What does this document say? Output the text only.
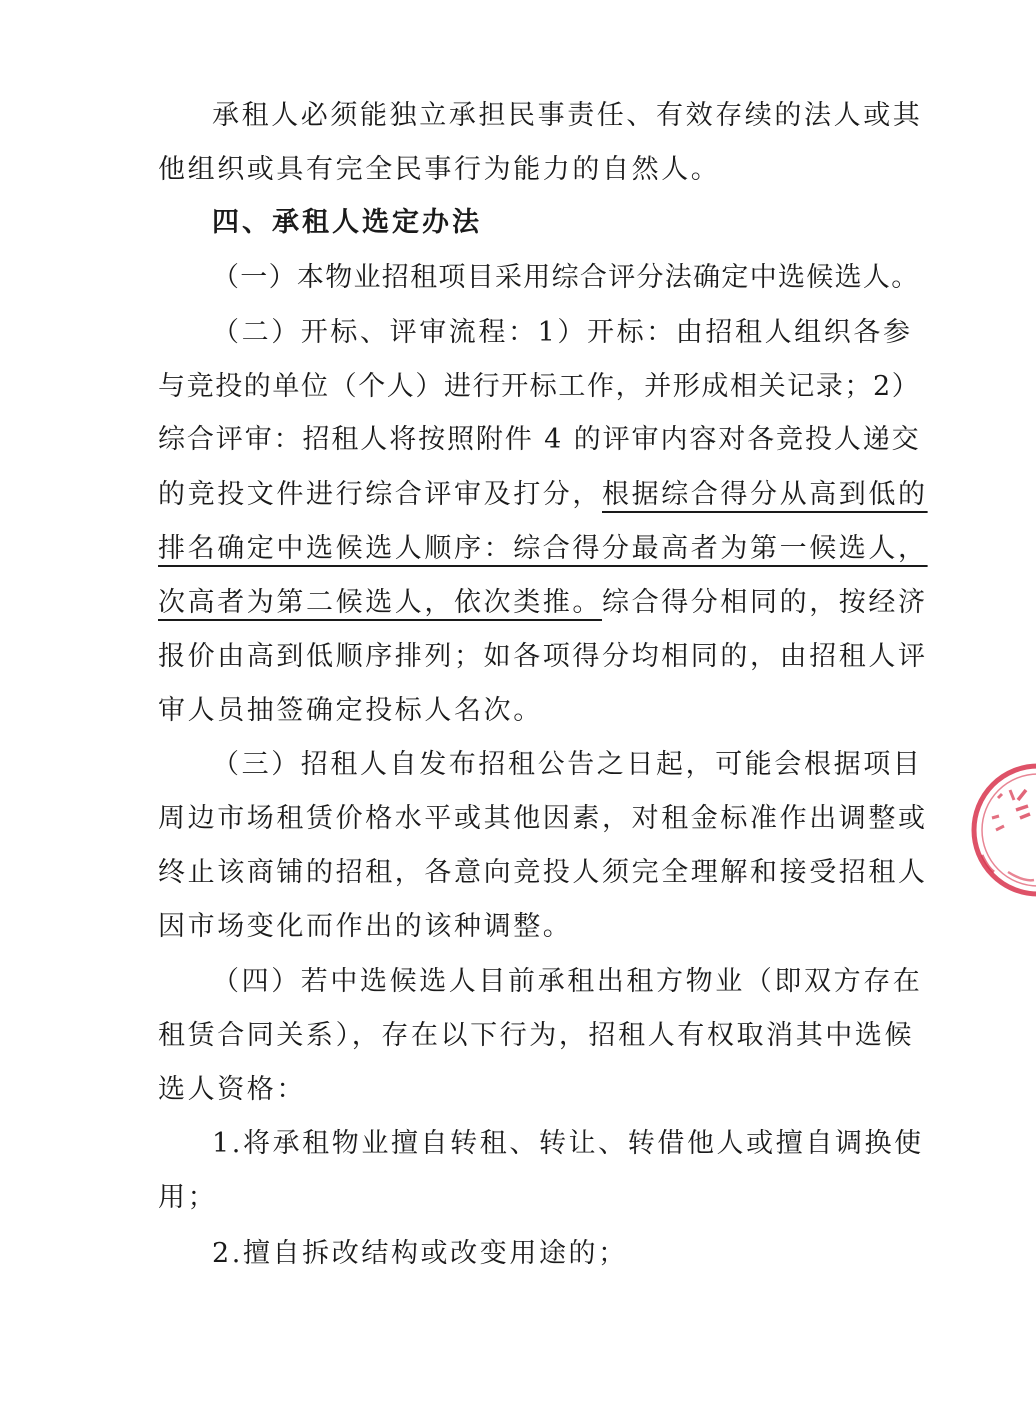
承租人必须能独立承担民事责任、有效存续的法人或其
他组织或具有完全民事行为能力的自然人。
四、承租人选定办法
（一）本物业招租项目采用综合评分法确定中选候选人。
（二）开标、评审流程：1）开标：由招租人组织各参
与竞投的单位（个人）进行开标工作，并形成相关记录；2）
综合评审：招租人将按照附件 4 的评审内容对各竞投人递交
的竞投文件进行综合评审及打分，根据综合得分从高到低的
排名确定中选候选人顺序：综合得分最高者为第一候选人，
次高者为第二候选人，依次类推。综合得分相同的，按经济
报价由高到低顺序排列；如各项得分均相同的，由招租人评
审人员抽签确定投标人名次。
（三）招租人自发布招租公告之日起，可能会根据项目
周边市场租赁价格水平或其他因素，对租金标准作出调整或
终止该商铺的招租，各意向竞投人须完全理解和接受招租人
因市场变化而作出的该种调整。
（四）若中选候选人目前承租出租方物业（即双方存在
租赁合同关系），存在以下行为，招租人有权取消其中选候
选人资格：
1.将承租物业擅自转租、转让、转借他人或擅自调换使
用；
2.擅自拆改结构或改变用途的；
